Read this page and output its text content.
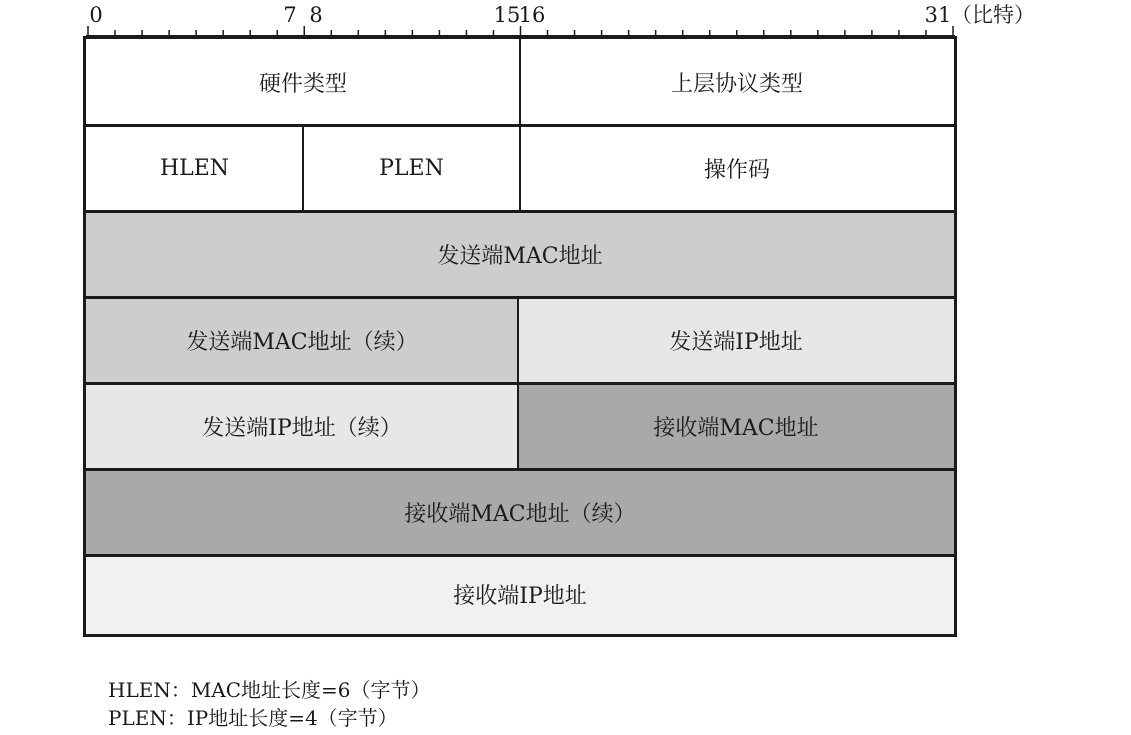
0	7 8	15
16	31 （比特）
硬件类型	上层协议类型
HLEN	PLEN	操作码
发送端MAC地址
发送端MAC地址（续）	发送端IP地址
发送端IP地址（续）	接收端MAC地址
接收端MAC地址（续）
接收端IP地址
HLEN：MAC地址长度=6（字节）
PLEN：IP地址长度=4（字节）
